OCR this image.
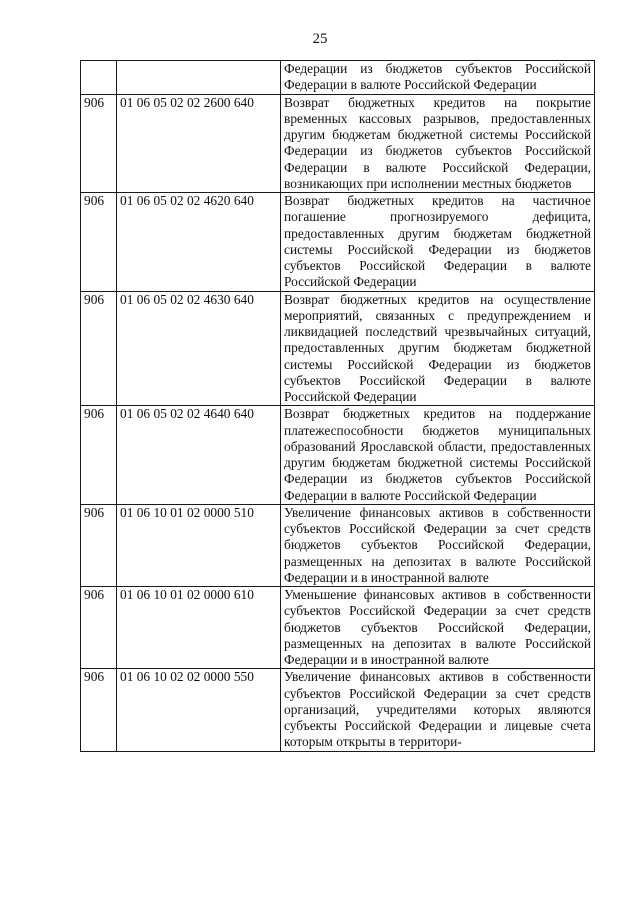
25
		Федерации из бюджетов субъектов Российской Федерации в валюте Российской Федерации
906	01 06 05 02 02 2600 640	Возврат бюджетных кредитов на покрытие временных кассовых разрывов, предоставленных другим бюджетам бюджетной системы Российской Федерации из бюджетов субъектов Российской Федерации в валюте Российской Федерации, возникающих при исполнении местных бюджетов
906	01 06 05 02 02 4620 640	Возврат бюджетных кредитов на частичное погашение прогнозируемого дефицита, предоставленных другим бюджетам бюджетной системы Российской Федерации из бюджетов субъектов Российской Федерации в валюте Российской Федерации
906	01 06 05 02 02 4630 640	Возврат бюджетных кредитов на осуществление мероприятий, связанных с предупреждением и ликвидацией последствий чрезвычайных ситуаций, предоставленных другим бюджетам бюджетной системы Российской Федерации из бюджетов субъектов Российской Федерации в валюте Российской Федерации
906	01 06 05 02 02 4640 640	Возврат бюджетных кредитов на поддержание платежеспособности бюджетов муниципальных образований Ярославской области, предоставленных другим бюджетам бюджетной системы Российской Федерации из бюджетов субъектов Российской Федерации в валюте Российской Федерации
906	01 06 10 01 02 0000 510	Увеличение финансовых активов в собственности субъектов Российской Федерации за счет средств бюджетов субъектов Российской Федерации, размещенных на депозитах в валюте Российской Федерации и в иностранной валюте
906	01 06 10 01 02 0000 610	Уменьшение финансовых активов в собственности субъектов Российской Федерации за счет средств бюджетов субъектов Российской Федерации, размещенных на депозитах в валюте Российской Федерации и в иностранной валюте
906	01 06 10 02 02 0000 550	Увеличение финансовых активов в собственности субъектов Российской Федерации за счет средств организаций, учредителями которых являются субъекты Российской Федерации и лицевые счета которым открыты в территори-
